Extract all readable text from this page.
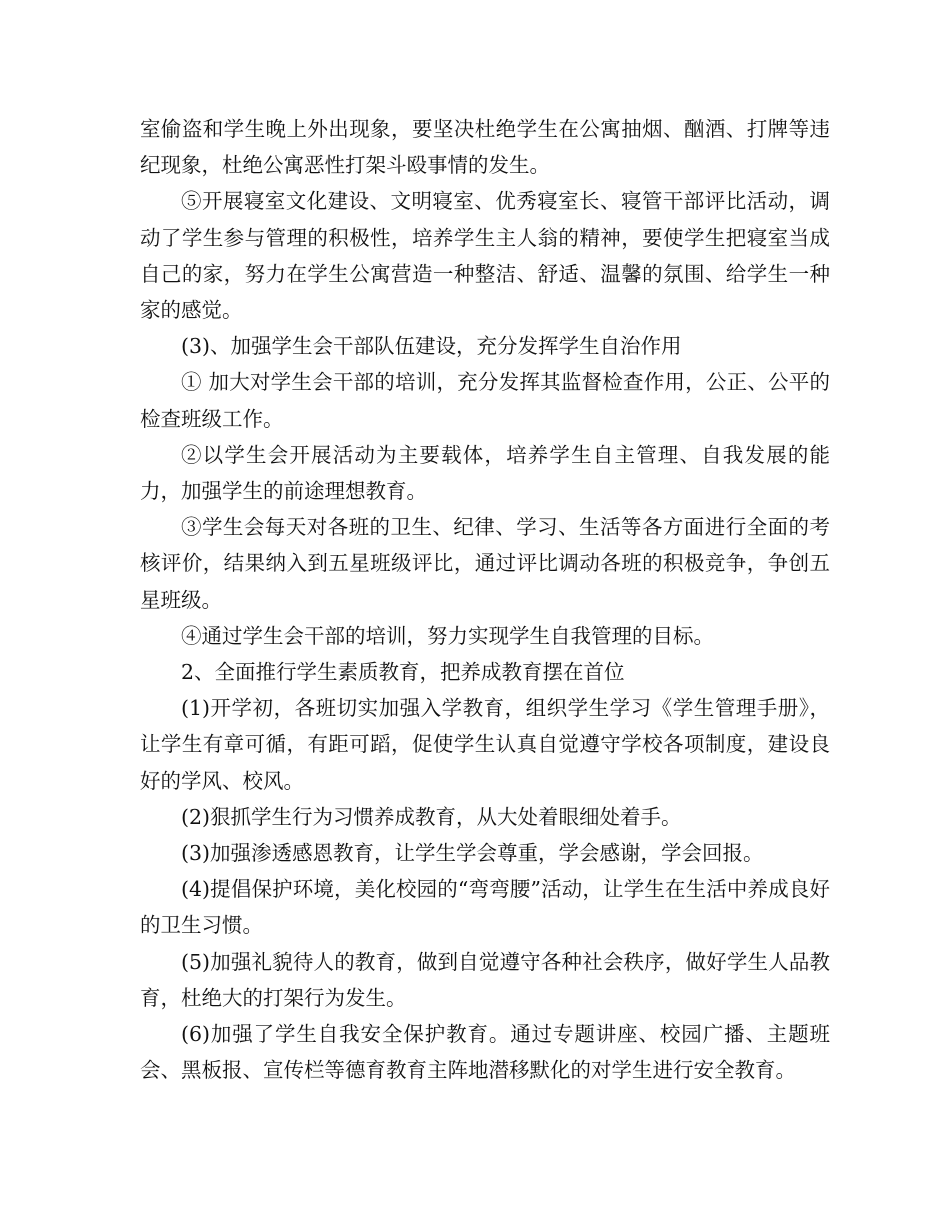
室偷盗和学生晚上外出现象，要坚决杜绝学生在公寓抽烟、酗酒、打牌等违纪现象，杜绝公寓恶性打架斗殴事情的发生。

⑤开展寝室文化建设、文明寝室、优秀寝室长、寝管干部评比活动，调动了学生参与管理的积极性，培养学生主人翁的精神，要使学生把寝室当成自己的家，努力在学生公寓营造一种整洁、舒适、温馨的氛围、给学生一种家的感觉。

(3)、加强学生会干部队伍建设，充分发挥学生自治作用

① 加大对学生会干部的培训，充分发挥其监督检查作用，公正、公平的检查班级工作。

②以学生会开展活动为主要载体，培养学生自主管理、自我发展的能力，加强学生的前途理想教育。

③学生会每天对各班的卫生、纪律、学习、生活等各方面进行全面的考核评价，结果纳入到五星班级评比，通过评比调动各班的积极竞争，争创五星班级。

④通过学生会干部的培训，努力实现学生自我管理的目标。

2、全面推行学生素质教育，把养成教育摆在首位

(1)开学初，各班切实加强入学教育，组织学生学习《学生管理手册》，让学生有章可循，有距可蹈，促使学生认真自觉遵守学校各项制度，建设良好的学风、校风。

(2)狠抓学生行为习惯养成教育，从大处着眼细处着手。

(3)加强渗透感恩教育，让学生学会尊重，学会感谢，学会回报。

(4)提倡保护环境，美化校园的“弯弯腰”活动，让学生在生活中养成良好的卫生习惯。

(5)加强礼貌待人的教育，做到自觉遵守各种社会秩序，做好学生人品教育，杜绝大的打架行为发生。

(6)加强了学生自我安全保护教育。通过专题讲座、校园广播、主题班会、黑板报、宣传栏等德育教育主阵地潜移默化的对学生进行安全教育。
